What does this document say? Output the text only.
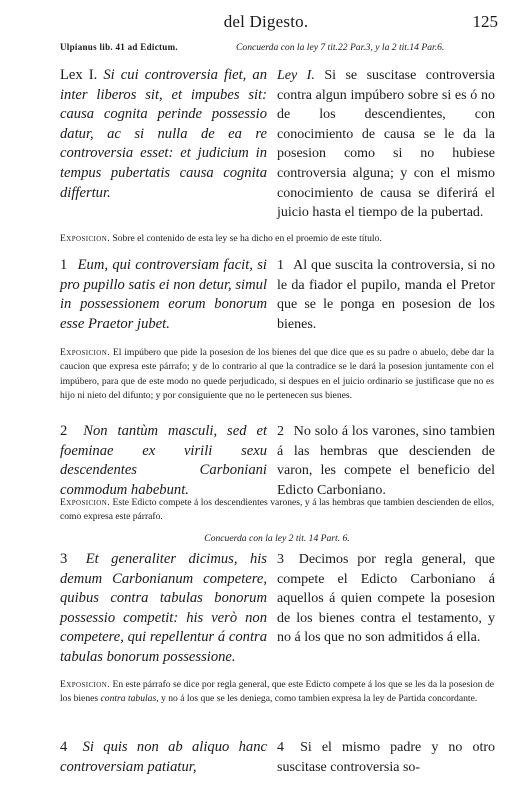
del Digesto.	125
Ulpianus lib. 41 ad Edictum.	Concuerda con la ley 7 tit.22 Par.3, y la 2 tit.14 Par.6.
Lex I. Si cui controversia fiet, an inter liberos sit, et impubes sit: causa cognita perinde possessio datur, ac si nulla de ea re controversia esset: et judicium in tempus pubertatis causa cognita differtur.
Ley I. Si se suscitase controversia contra algun impúbero sobre si es ó no de los descendientes, con conocimiento de causa se le da la posesion como si no hubiese controversia alguna; y con el mismo conocimiento de causa se diferirá el juicio hasta el tiempo de la pubertad.
Exposicion. Sobre el contenido de esta ley se ha dicho en el proemio de este título.
1 Eum, qui controversiam facit, si pro pupillo satis ei non detur, simul in possessionem eorum bonorum esse Praetor jubet.
1 Al que suscita la controversia, si no le da fiador el pupilo, manda el Pretor que se le ponga en posesion de los bienes.
Exposicion. El impúbero que pide la posesion de los bienes del que dice que es su padre o abuelo, debe dar la caucion que expresa este párrafo; y de lo contrario al que la contradice se le dará la posesion juntamente con el impúbero, para que de este modo no quede perjudicado, si despues en el juicio ordinario se justificase que no es hijo ni nieto del difunto; y por consiguiente que no le pertenecen sus bienes.
2 Non tantùm masculi, sed et foeminae ex virili sexu descendentes Carboniani commodum habebunt.
2 No solo á los varones, sino tambien á las hembras que descienden de varon, les compete el beneficio del Edicto Carboniano.
Exposicion. Este Edicto compete á los descendientes varones, y á las hembras que tambien descienden de ellos, como expresa este párrafo.
Concuerda con la ley 2 tit. 14 Part. 6.
3 Et generaliter dicimus, his demum Carbonianum competere, quibus contra tabulas bonorum possessio competit: his verò non competere, qui repellentur á contra tabulas bonorum possessione.
3 Decimos por regla general, que compete el Edicto Carboniano á aquellos á quien compete la posesion de los bienes contra el testamento, y no á los que no son admitidos á ella.
Exposicion. En este párrafo se dice por regla general, que este Edicto compete á los que se les da la posesion de los bienes contra tabulas, y no á los que se les deniega, como tambien expresa la ley de Partida concordante.
4 Si quis non ab aliquo hanc controversiam patiatur,
4 Si el mismo padre y no otro suscitase controversia so-
